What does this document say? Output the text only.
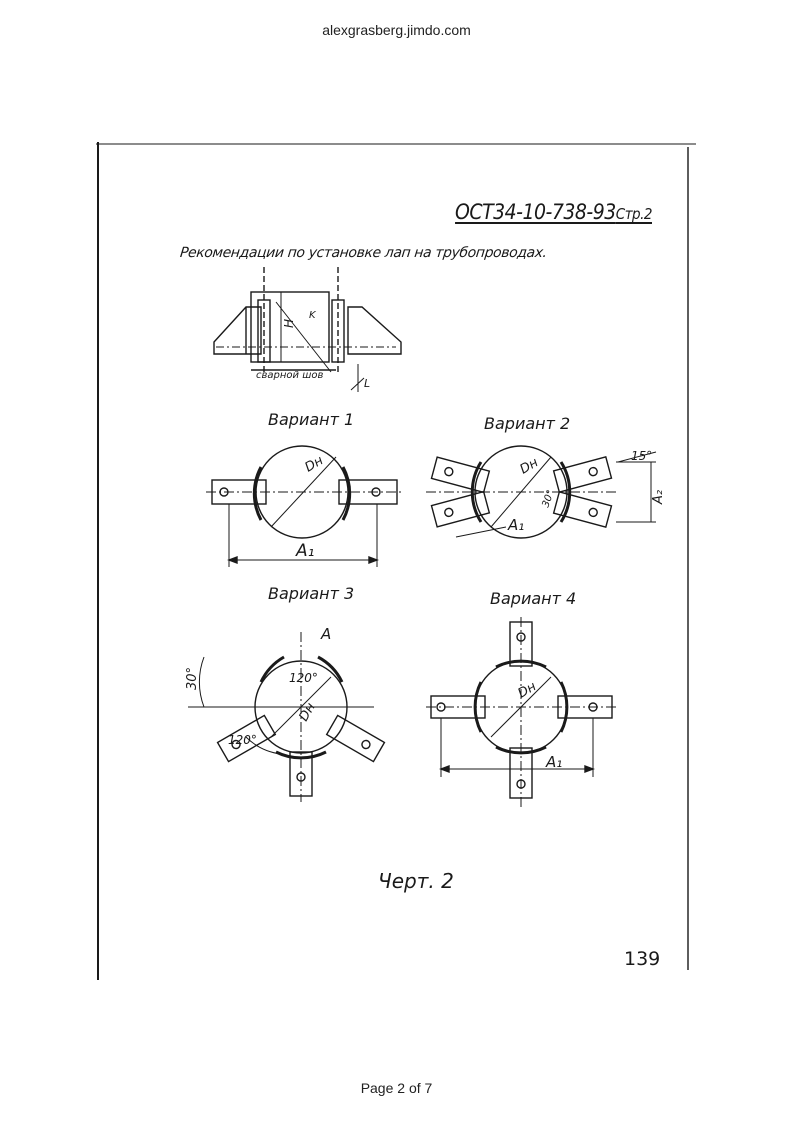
alexgrasberg.jimdo.com
H
K
сварной шов
L
Dн
A₁
Dн
A₁
A₂
15°
30°
Dн
A
30°	120°
120°
Dн
A₁
ОСТ34-10-738-93Стр.2
Рекомендации по установке лап на трубопроводах.
Вариант 1	Вариант 2
Вариант 3	Вариант 4
Черт. 2
139
Page 2 of 7
